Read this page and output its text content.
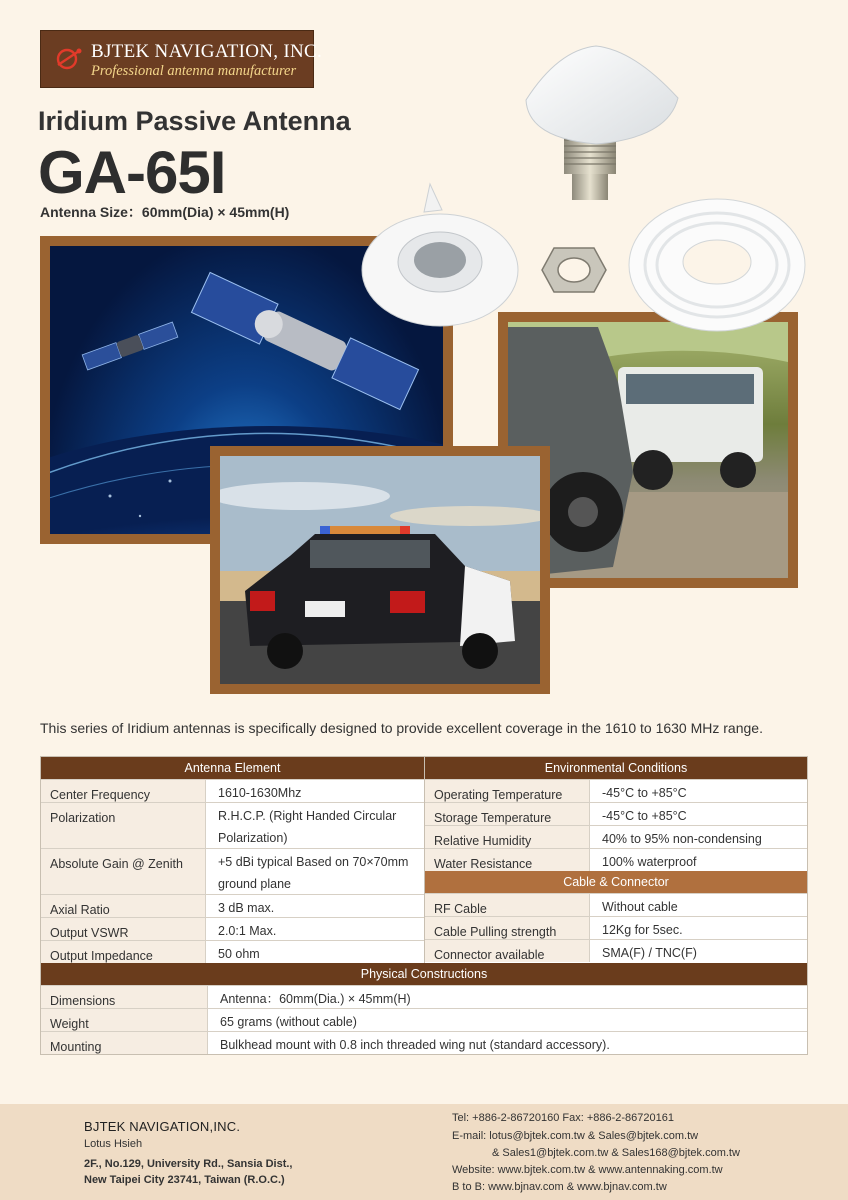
BJTEK NAVIGATION, INC.
Professional antenna manufacturer
Iridium Passive Antenna
GA-65I
Antenna Size：60mm(Dia) × 45mm(H)
This series of Iridium antennas is specifically designed to provide excellent coverage in the 1610 to 1630 MHz range.
Antenna Element
Center Frequency	1610-1630Mhz
Polarization	R.H.C.P. (Right Handed Circular Polarization)
Absolute Gain @ Zenith	+5 dBi typical Based on 70×70mm ground plane
Axial Ratio	3 dB max.
Output VSWR	2.0:1 Max.
Output Impedance	50 ohm
Environmental Conditions
Operating Temperature	-45°C to +85°C
Storage Temperature	-45°C to +85°C
Relative Humidity	40% to 95% non-condensing
Water Resistance	100% waterproof
Cable & Connector
RF Cable	Without cable
Cable Pulling strength	12Kg for 5sec.
Connector available	SMA(F) / TNC(F)
Physical Constructions
Dimensions	Antenna：60mm(Dia.) × 45mm(H)
Weight	65 grams (without cable)
Mounting	Bulkhead mount with 0.8 inch threaded wing nut (standard accessory).
BJTEK NAVIGATION,INC.
Lotus Hsieh
2F., No.129, University Rd., Sansia Dist.,
New Taipei City 23741, Taiwan (R.O.C.)
Tel: +886-2-86720160 Fax: +886-2-86720161
E-mail: lotus@bjtek.com.tw & Sales@bjtek.com.tw
& Sales1@bjtek.com.tw & Sales168@bjtek.com.tw
Website: www.bjtek.com.tw & www.antennaking.com.tw
B to B: www.bjnav.com & www.bjnav.com.tw
